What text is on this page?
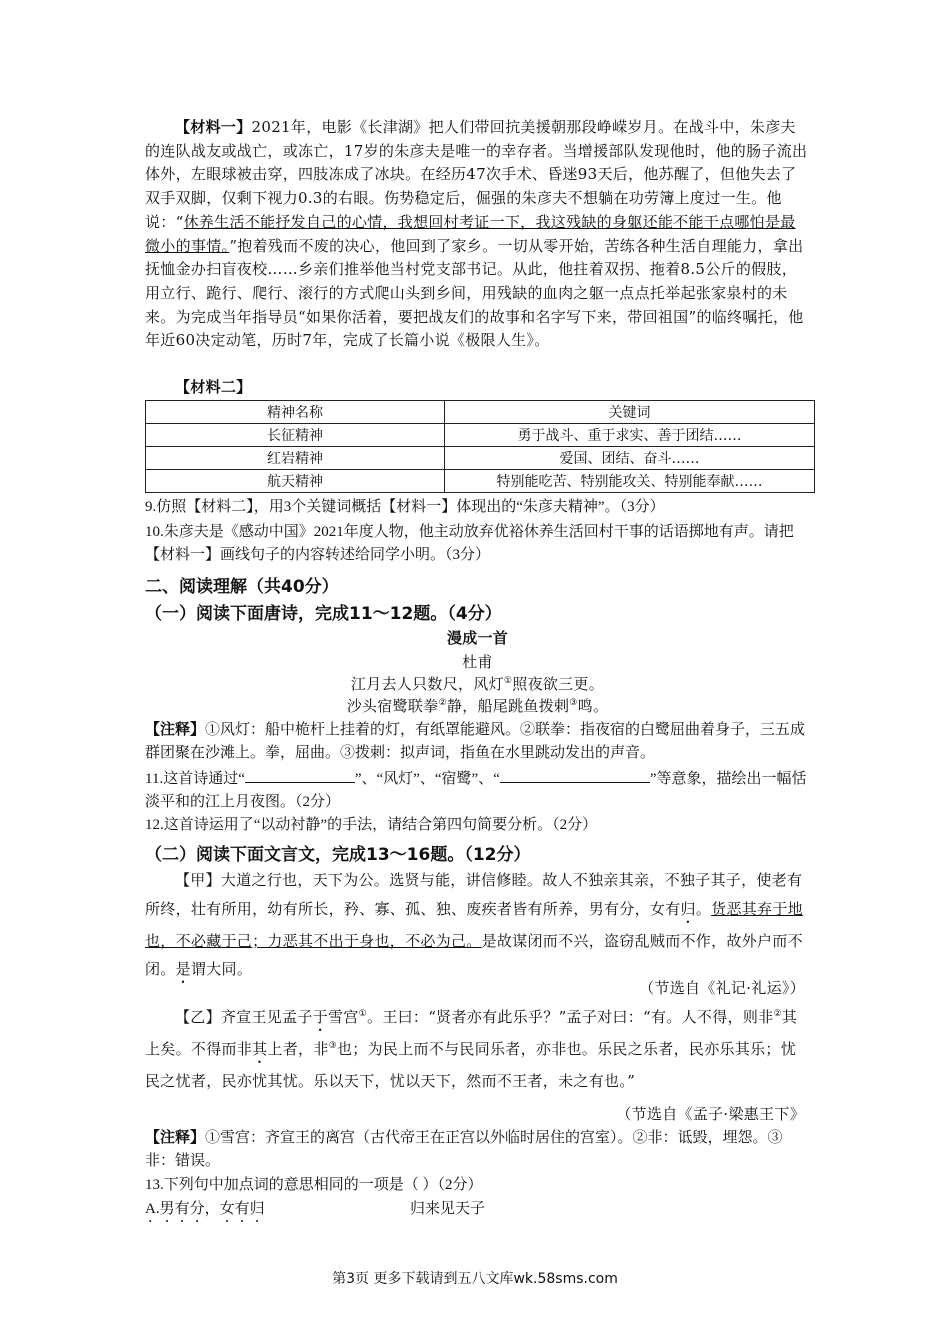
【材料一】2021年，电影《长津湖》把人们带回抗美援朝那段峥嵘岁月。在战斗中，朱彦夫的连队战友或战亡，或冻亡，17岁的朱彦夫是唯一的幸存者。当增援部队发现他时，他的肠子流出体外，左眼球被击穿，四肢冻成了冰块。在经历47次手术、昏迷93天后，他苏醒了，但他失去了双手双脚，仅剩下视力0.3的右眼。伤势稳定后，倔强的朱彦夫不想躺在功劳簿上度过一生。他说：“休养生活不能抒发自己的心情，我想回村考证一下，我这残缺的身躯还能不能干点哪怕是最微小的事情。”抱着残而不废的决心，他回到了家乡。一切从零开始，苦练各种生活自理能力，拿出抚恤金办扫盲夜校……乡亲们推举他当村党支部书记。从此，他拄着双拐、拖着8.5公斤的假肢，用立行、跪行、爬行、滚行的方式爬山头到乡间，用残缺的血肉之躯一点点托举起张家泉村的未来。为完成当年指导员“如果你活着，要把战友们的故事和名字写下来，带回祖国”的临终嘱托，他年近60决定动笔，历时7年，完成了长篇小说《极限人生》。

【材料二】

精神名称	关键词
长征精神	勇于战斗、重于求实、善于团结……
红岩精神	爱国、团结、奋斗……
航天精神	特别能吃苦、特别能攻关、特别能奉献……

9.仿照【材料二】，用3个关键词概括【材料一】体现出的“朱彦夫精神”。（3分）

10.朱彦夫是《感动中国》2021年度人物，他主动放弃优裕休养生活回村干事的话语掷地有声。请把【材料一】画线句子的内容转述给同学小明。（3分）

二、阅读理解（共40分）

（一）阅读下面唐诗，完成11～12题。（4分）

漫成一首

杜甫

江月去人只数尺，风灯①照夜欲三更。

沙头宿鹭联拳②静，船尾跳鱼拨剌③鸣。

【注释】①风灯：船中桅杆上挂着的灯，有纸罩能避风。②联拳：指夜宿的白鹭屈曲着身子，三五成群团聚在沙滩上。拳，屈曲。③拨刺：拟声词，指鱼在水里跳动发出的声音。

11.这首诗通过“	”、“风灯”、“宿鹭”、“	”等意象，描绘出一幅恬淡平和的江上月夜图。（2分）

12.这首诗运用了“以动衬静”的手法，请结合第四句简要分析。（2分）

（二）阅读下面文言文，完成13～16题。（12分）

【甲】大道之行也，天下为公。选贤与能，讲信修睦。故人不独亲其亲，不独子其子，使老有所终，壮有所用，幼有所长，矜、寡、孤、独、废疾者皆有所养，男有分，女有归。货恶其弃于地也，不必藏于己；力恶其不出于身也，不必为己。是故谋闭而不兴，盗窃乱贼而不作，故外户而不闭。是谓大同。

（节选自《礼记·礼运》）

【乙】齐宣王见孟子于雪宫①。王曰：“贤者亦有此乐乎？”孟子对曰：“有。人不得，则非②其上矣。不得而非其上者，非③也；为民上而不与民同乐者，亦非也。乐民之乐者，民亦乐其乐；忧民之忧者，民亦忧其忧。乐以天下，忧以天下，然而不王者，未之有也。”

（节选自《孟子·梁惠王下》

【注释】①雪宫：齐宣王的离宫（古代帝王在正宫以外临时居住的宫室）。②非：诋毁，埋怨。③非：错误。

13.下列句中加点词的意思相同的一项是（ ）（2分）

A.男有分，女有归	归来见天子

第3页 更多下载请到五八文库wk.58sms.com
